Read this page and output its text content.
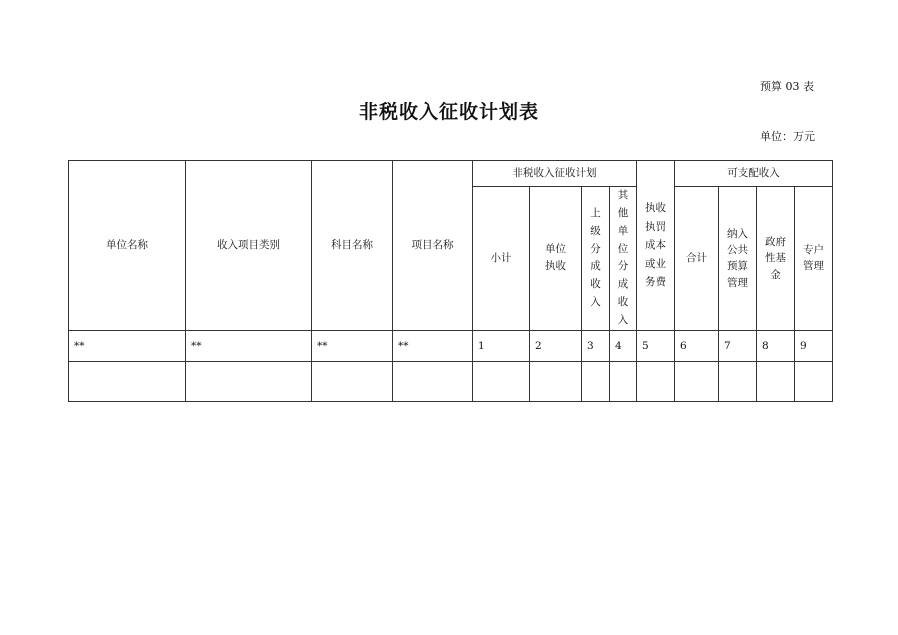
预算 03 表
非税收入征收计划表
单位：万元
单位名称	收入项目类别	科目名称	项目名称	非税收入征收计划				执收执罚成本或业务费	可支配收入			
				小计	单位执收	上级分成收入	其他单位分成收入		合计	纳入公共预算管理	政府性基金	专户管理
**	**	**	**	1	2	3	4	5	6	7	8	9
